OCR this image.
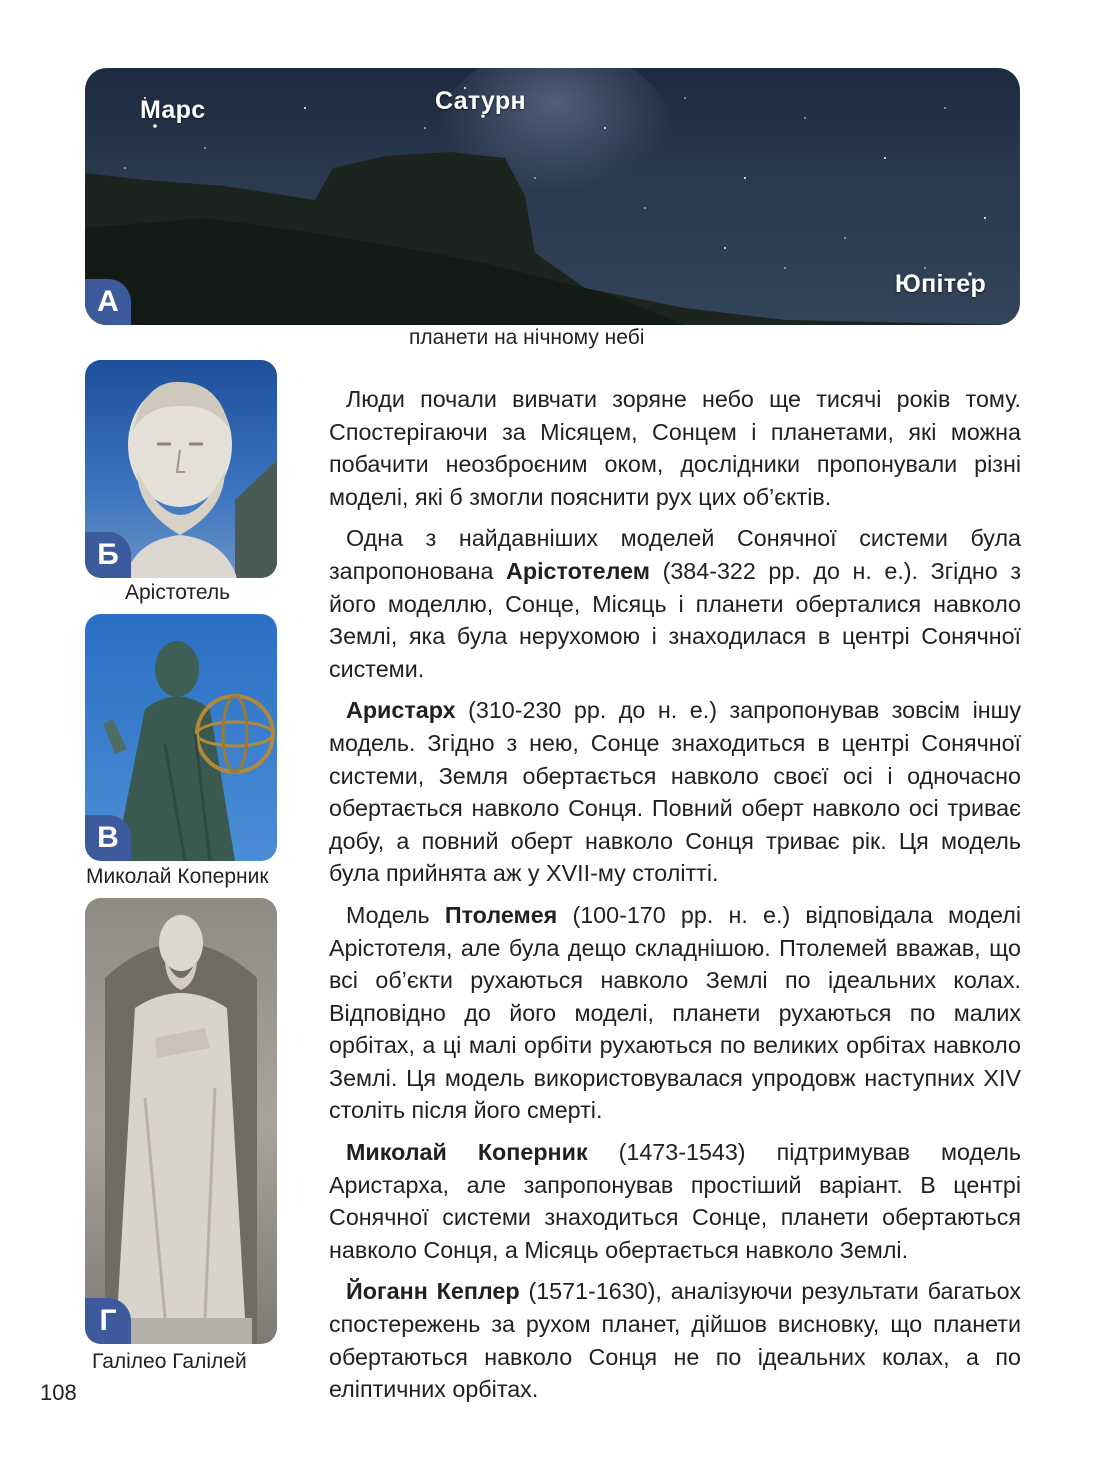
Марс	Сатурн
Юпітер
А
планети на нічному небі
Б
Арістотель
В
Миколай Коперник
Г
Галілео Галілей

Люди почали вивчати зоряне небо ще тисячі років тому. Спостерігаючи за Місяцем, Сонцем і планетами, які можна побачити неозброєним оком, дослідники пропонували різні моделі, які б змогли пояснити рух цих об’єктів.

Одна з найдавніших моделей Сонячної системи була запропонована Арістотелем (384-322 рр. до н. е.). Згідно з його моделлю, Сонце, Місяць і планети оберталися навколо Землі, яка була нерухомою і знаходилася в центрі Сонячної системи.

Аристарх (310-230 рр. до н. е.) запропонував зовсім іншу модель. Згідно з нею, Сонце знаходиться в центрі Сонячної системи, Земля обертається навколо своєї осі і одночасно обертається навколо Сонця. Повний оберт навколо осі триває добу, а повний оберт навколо Сонця триває рік. Ця модель була прийнята аж у XVII-му столітті.

Модель Птолемея (100-170 рр. н. е.) відповідала моделі Арістотеля, але була дещо складнішою. Птолемей вважав, що всі об’єкти рухаються навколо Землі по ідеальних колах. Відповідно до його моделі, планети рухаються по малих орбітах, а ці малі орбіти рухаються по великих орбітах навколо Землі. Ця модель використовувалася упродовж наступних XIV століть після його смерті.

Миколай Коперник (1473-1543) підтримував модель Аристарха, але запропонував простіший варіант. В центрі Сонячної системи знаходиться Сонце, планети обертаються навколо Сонця, а Місяць обертається навколо Землі.

Йоганн Кеплер (1571-1630), аналізуючи результати багатьох спостережень за рухом планет, дійшов висновку, що планети обертаються навколо Сонця не по ідеальних колах, а по еліптичних орбітах.

108
